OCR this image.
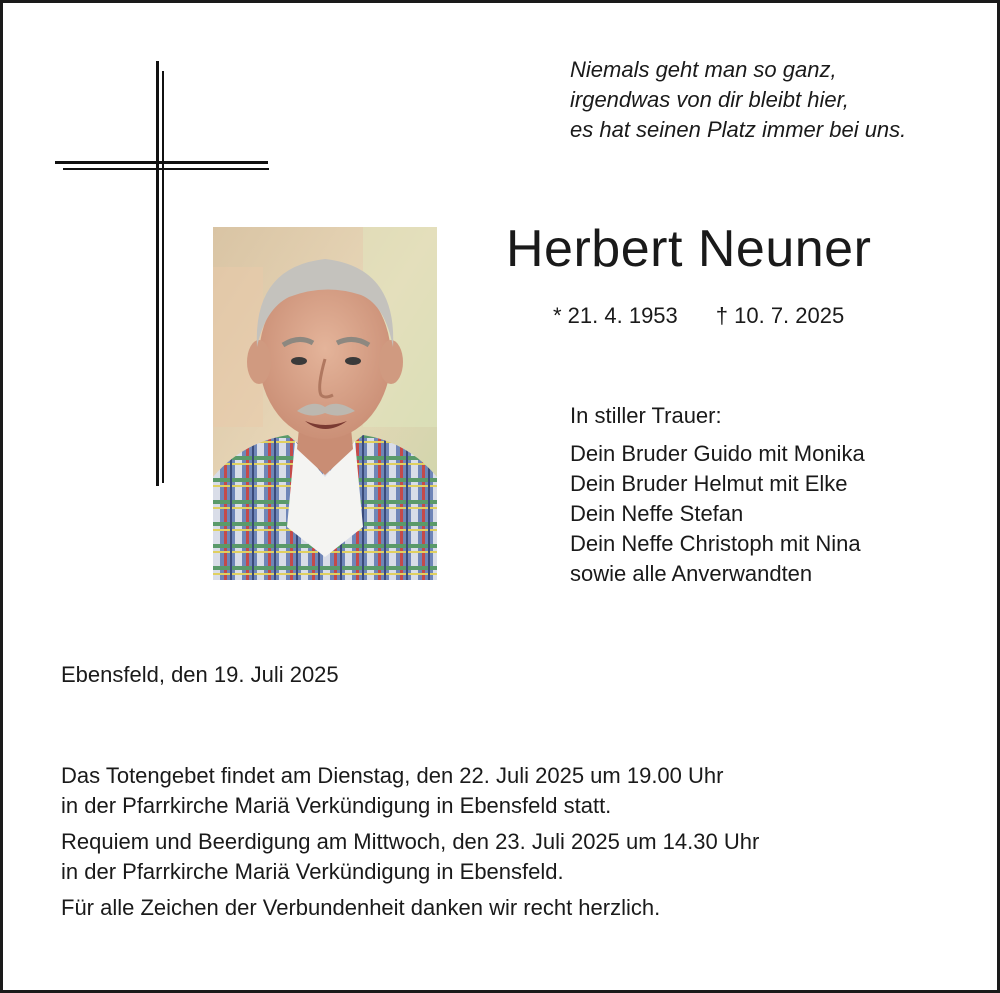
Niemals geht man so ganz,
irgendwas von dir bleibt hier,
es hat seinen Platz immer bei uns.
Herbert Neuner
* 21. 4. 1953 † 10. 7. 2025
In stiller Trauer:
Dein Bruder Guido mit Monika
Dein Bruder Helmut mit Elke
Dein Neffe Stefan
Dein Neffe Christoph mit Nina
sowie alle Anverwandten
Ebensfeld, den 19. Juli 2025

Das Totengebet findet am Dienstag, den 22. Juli 2025 um 19.00 Uhr

in der Pfarrkirche Mariä Verkündigung in Ebensfeld statt.

Requiem und Beerdigung am Mittwoch, den 23. Juli 2025 um 14.30 Uhr

in der Pfarrkirche Mariä Verkündigung in Ebensfeld.

Für alle Zeichen der Verbundenheit danken wir recht herzlich.
